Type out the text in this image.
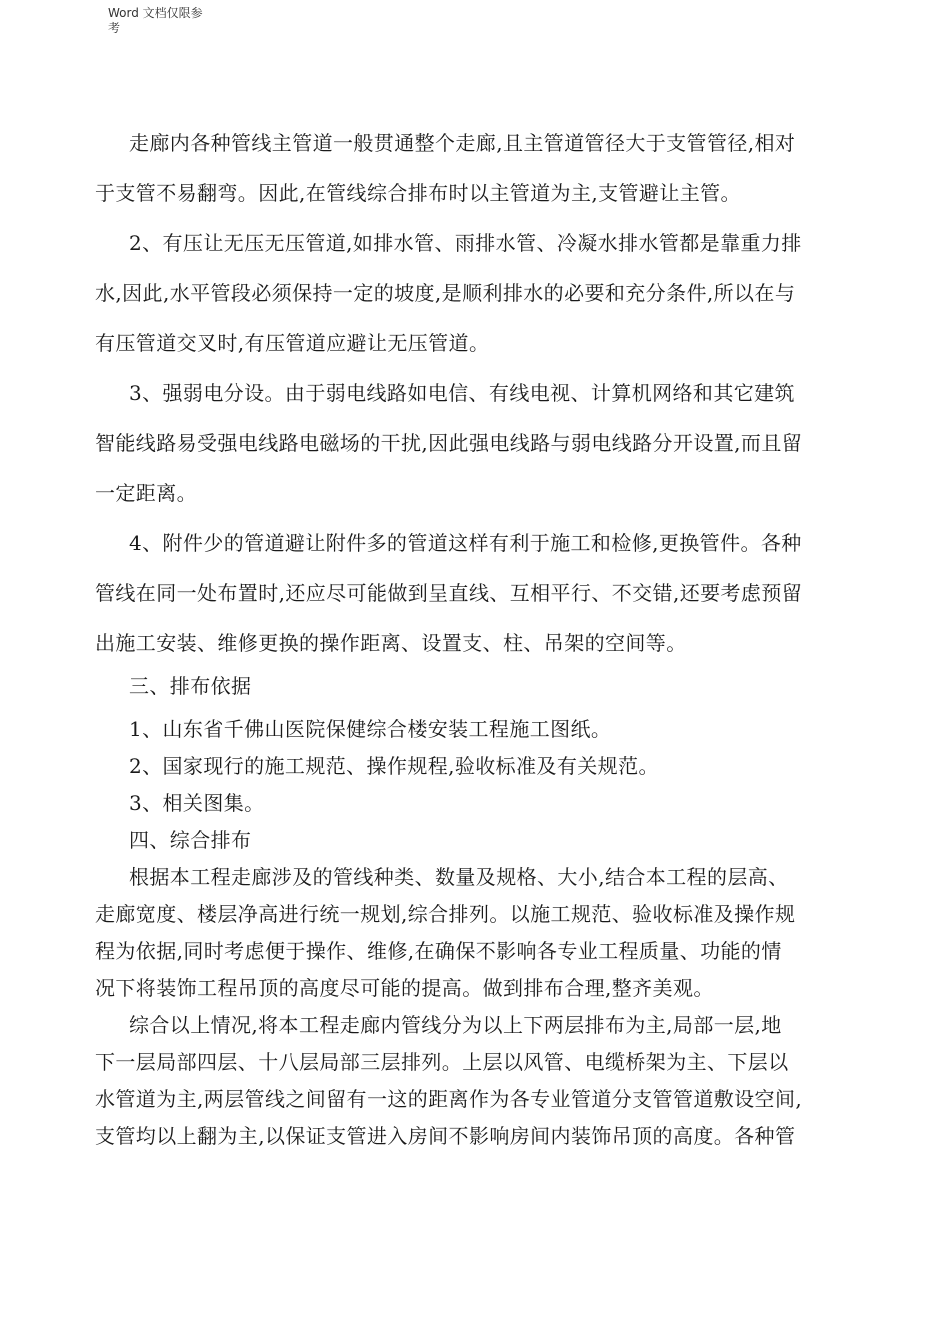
Word 文档仅限参
考

走廊内各种管线主管道一般贯通整个走廊,且主管道管径大于支管管径,相对
于支管不易翻弯。因此,在管线综合排布时以主管道为主,支管避让主管。

2、有压让无压无压管道,如排水管、雨排水管、冷凝水排水管都是靠重力排
水,因此,水平管段必须保持一定的坡度,是顺利排水的必要和充分条件,所以在与
有压管道交叉时,有压管道应避让无压管道。

3、强弱电分设。由于弱电线路如电信、有线电视、计算机网络和其它建筑
智能线路易受强电线路电磁场的干扰,因此强电线路与弱电线路分开设置,而且留
一定距离。

4、附件少的管道避让附件多的管道这样有利于施工和检修,更换管件。各种
管线在同一处布置时,还应尽可能做到呈直线、互相平行、不交错,还要考虑预留
出施工安装、维修更换的操作距离、设置支、柱、吊架的空间等。

三、排布依据

1、山东省千佛山医院保健综合楼安装工程施工图纸。

2、国家现行的施工规范、操作规程,验收标准及有关规范。

3、相关图集。

四、综合排布

根据本工程走廊涉及的管线种类、数量及规格、大小,结合本工程的层高、
走廊宽度、楼层净高进行统一规划,综合排列。以施工规范、验收标准及操作规
程为依据,同时考虑便于操作、维修,在确保不影响各专业工程质量、功能的情
况下将装饰工程吊顶的高度尽可能的提高。做到排布合理,整齐美观。

综合以上情况,将本工程走廊内管线分为以上下两层排布为主,局部一层,地
下一层局部四层、十八层局部三层排列。上层以风管、电缆桥架为主、下层以
水管道为主,两层管线之间留有一这的距离作为各专业管道分支管管道敷设空间,
支管均以上翻为主,以保证支管进入房间不影响房间内装饰吊顶的高度。各种管
